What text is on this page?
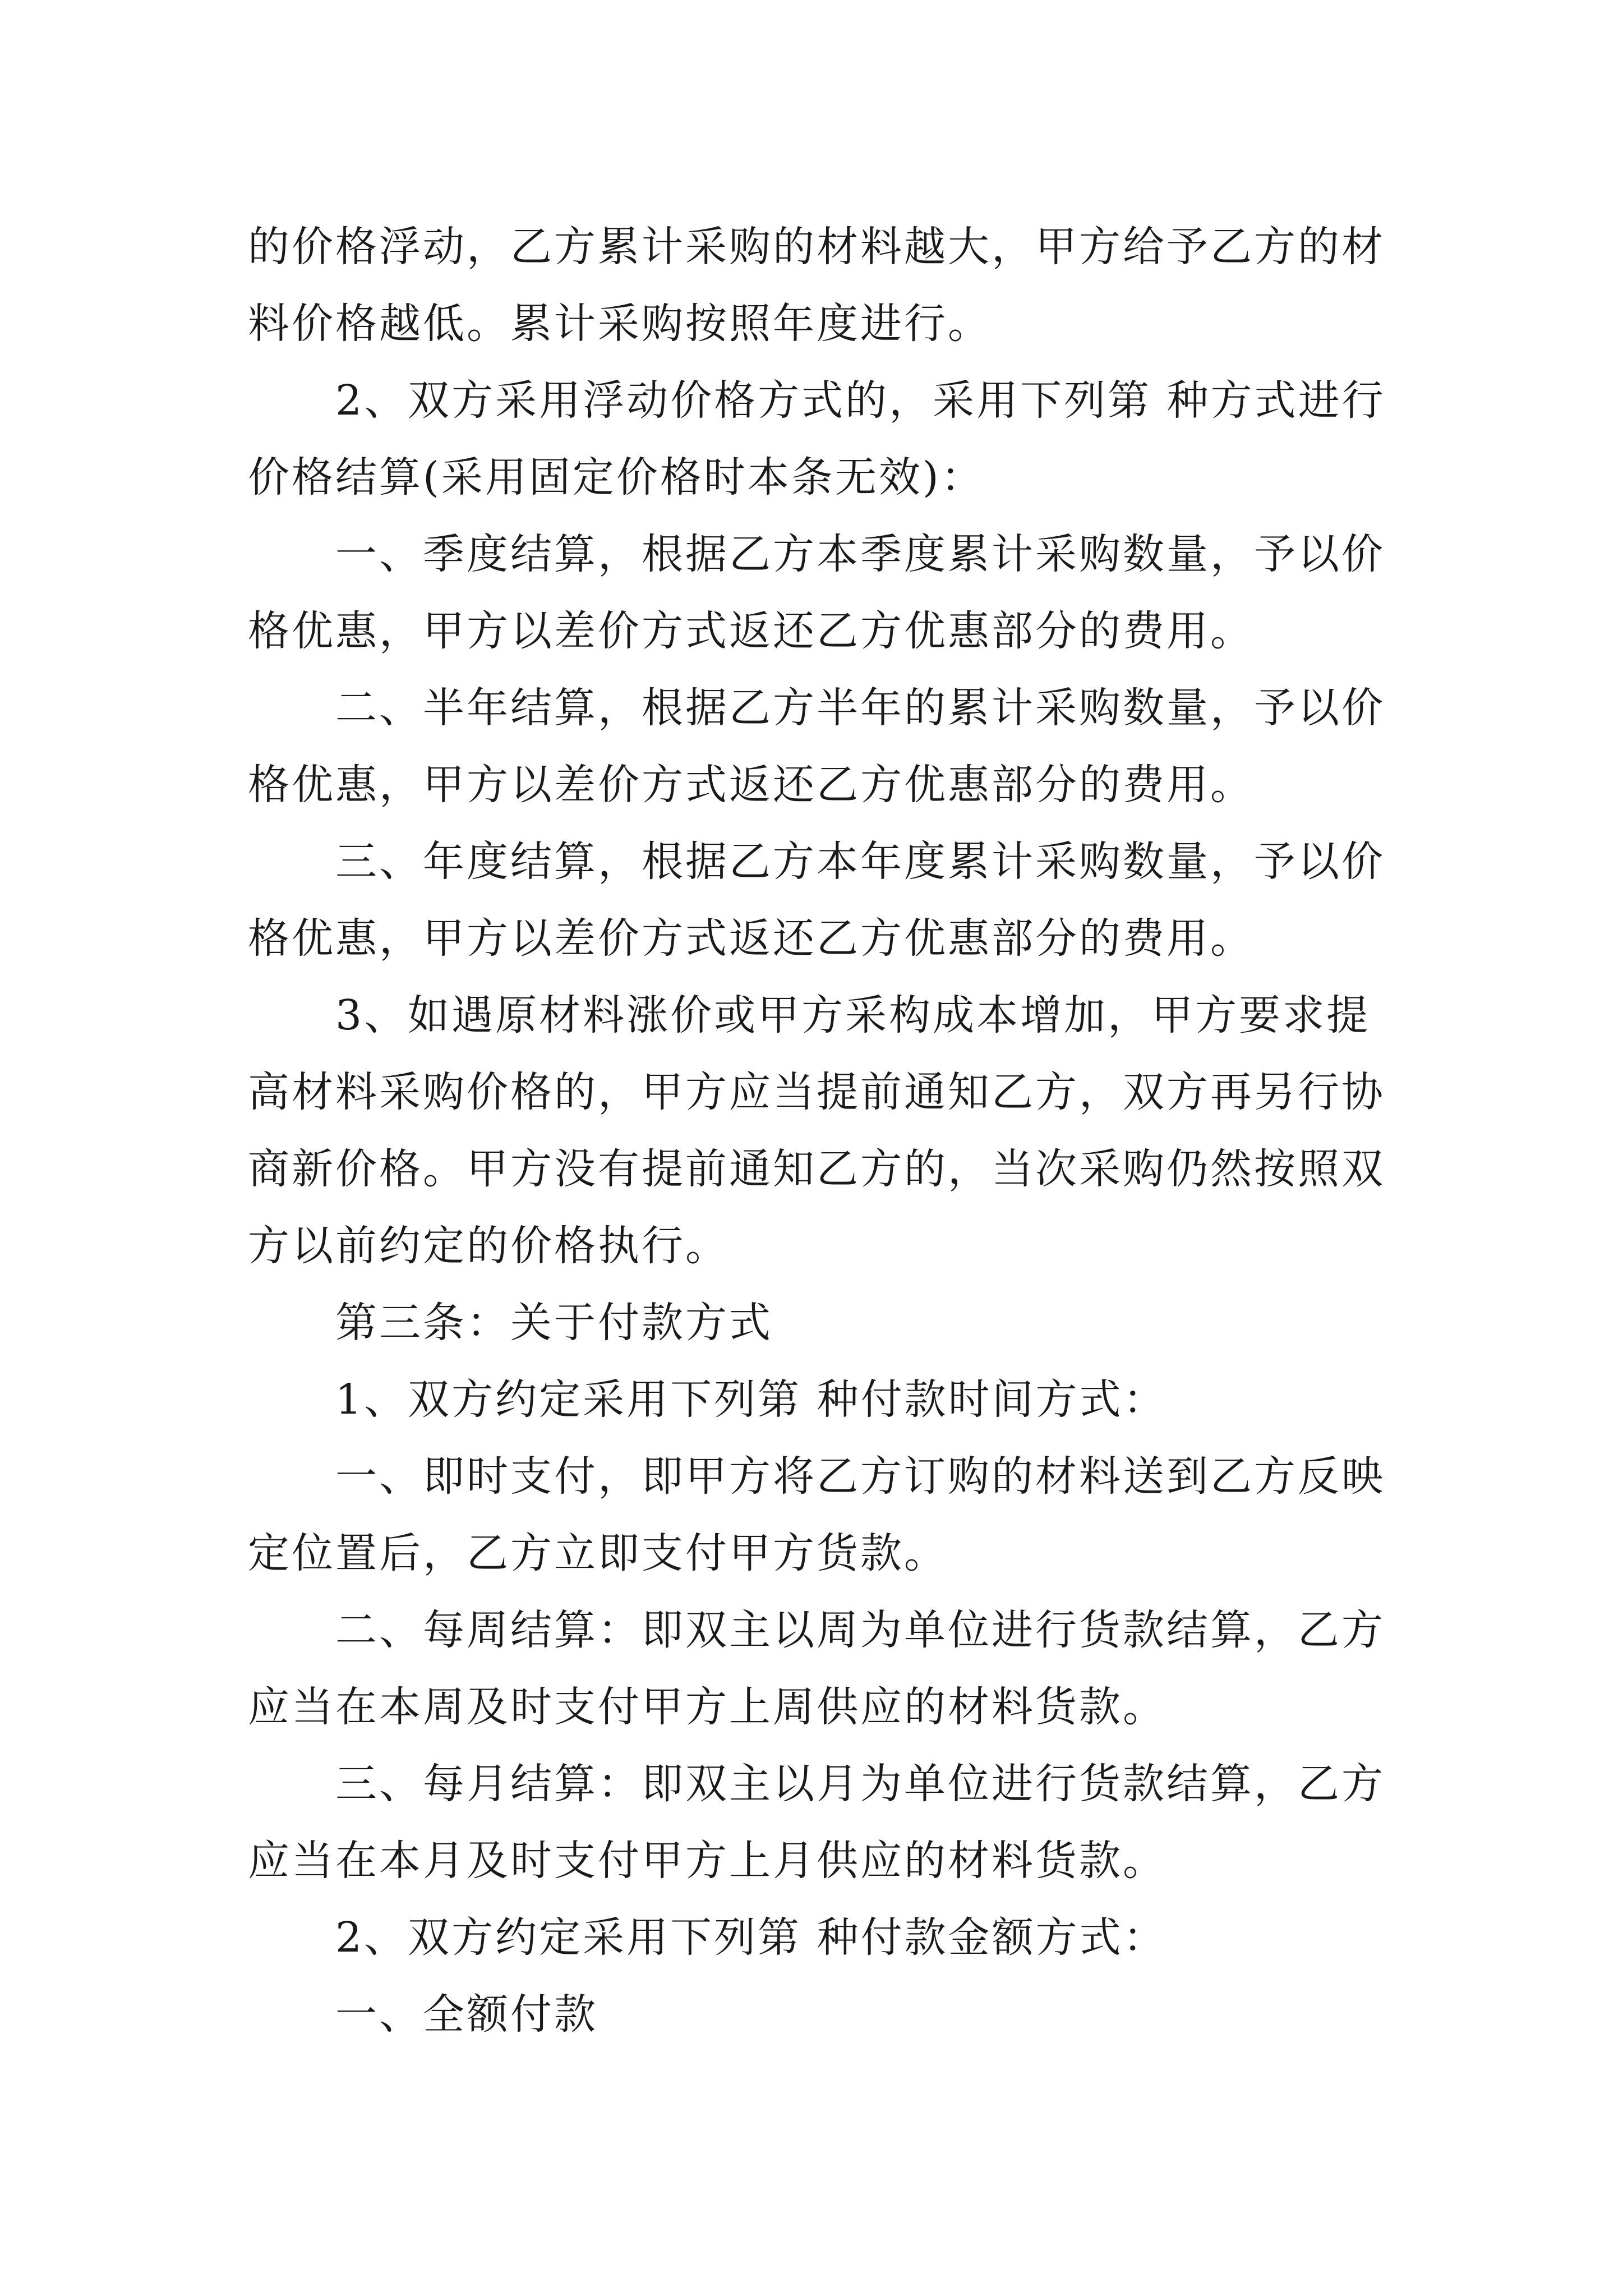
的价格浮动，乙方累计采购的材料越大，甲方给予乙方的材
料价格越低。累计采购按照年度进行。

2、双方采用浮动价格方式的，采用下列第 种方式进行
价格结算(采用固定价格时本条无效)：

一、季度结算，根据乙方本季度累计采购数量，予以价
格优惠，甲方以差价方式返还乙方优惠部分的费用。

二、半年结算，根据乙方半年的累计采购数量，予以价
格优惠，甲方以差价方式返还乙方优惠部分的费用。

三、年度结算，根据乙方本年度累计采购数量，予以价
格优惠，甲方以差价方式返还乙方优惠部分的费用。

3、如遇原材料涨价或甲方采构成本增加，甲方要求提
高材料采购价格的，甲方应当提前通知乙方，双方再另行协
商新价格。甲方没有提前通知乙方的，当次采购仍然按照双
方以前约定的价格执行。

第三条：关于付款方式

1、双方约定采用下列第 种付款时间方式：

一、即时支付，即甲方将乙方订购的材料送到乙方反映
定位置后，乙方立即支付甲方货款。

二、每周结算：即双主以周为单位进行货款结算，乙方
应当在本周及时支付甲方上周供应的材料货款。

三、每月结算：即双主以月为单位进行货款结算，乙方
应当在本月及时支付甲方上月供应的材料货款。

2、双方约定采用下列第 种付款金额方式：

一、全额付款
